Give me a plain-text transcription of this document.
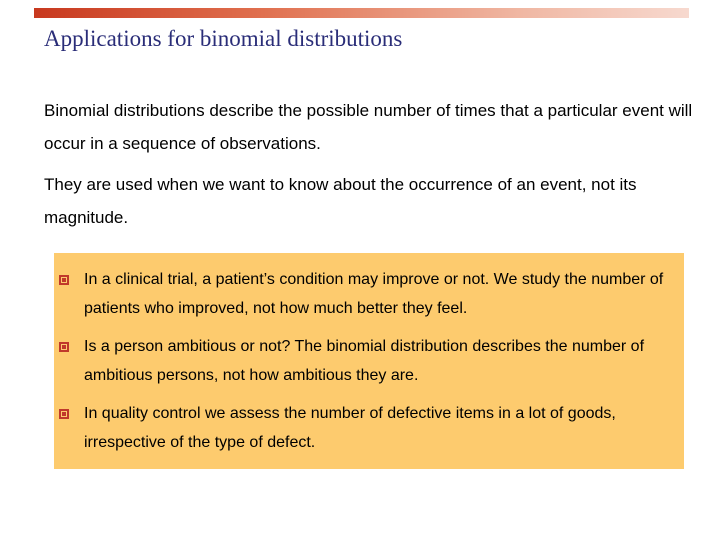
Applications for binomial distributions

Binomial distributions describe the possible number of times that a particular event will occur in a sequence of observations.

They are used when we want to know about the occurrence of an event, not its magnitude.

In a clinical trial, a patient’s condition may improve or not. We study the number of patients who improved, not how much better they feel.

Is a person ambitious or not? The binomial distribution describes the number of ambitious persons, not how ambitious they are.

In quality control we assess the number of defective items in a lot of goods, irrespective of the type of defect.
